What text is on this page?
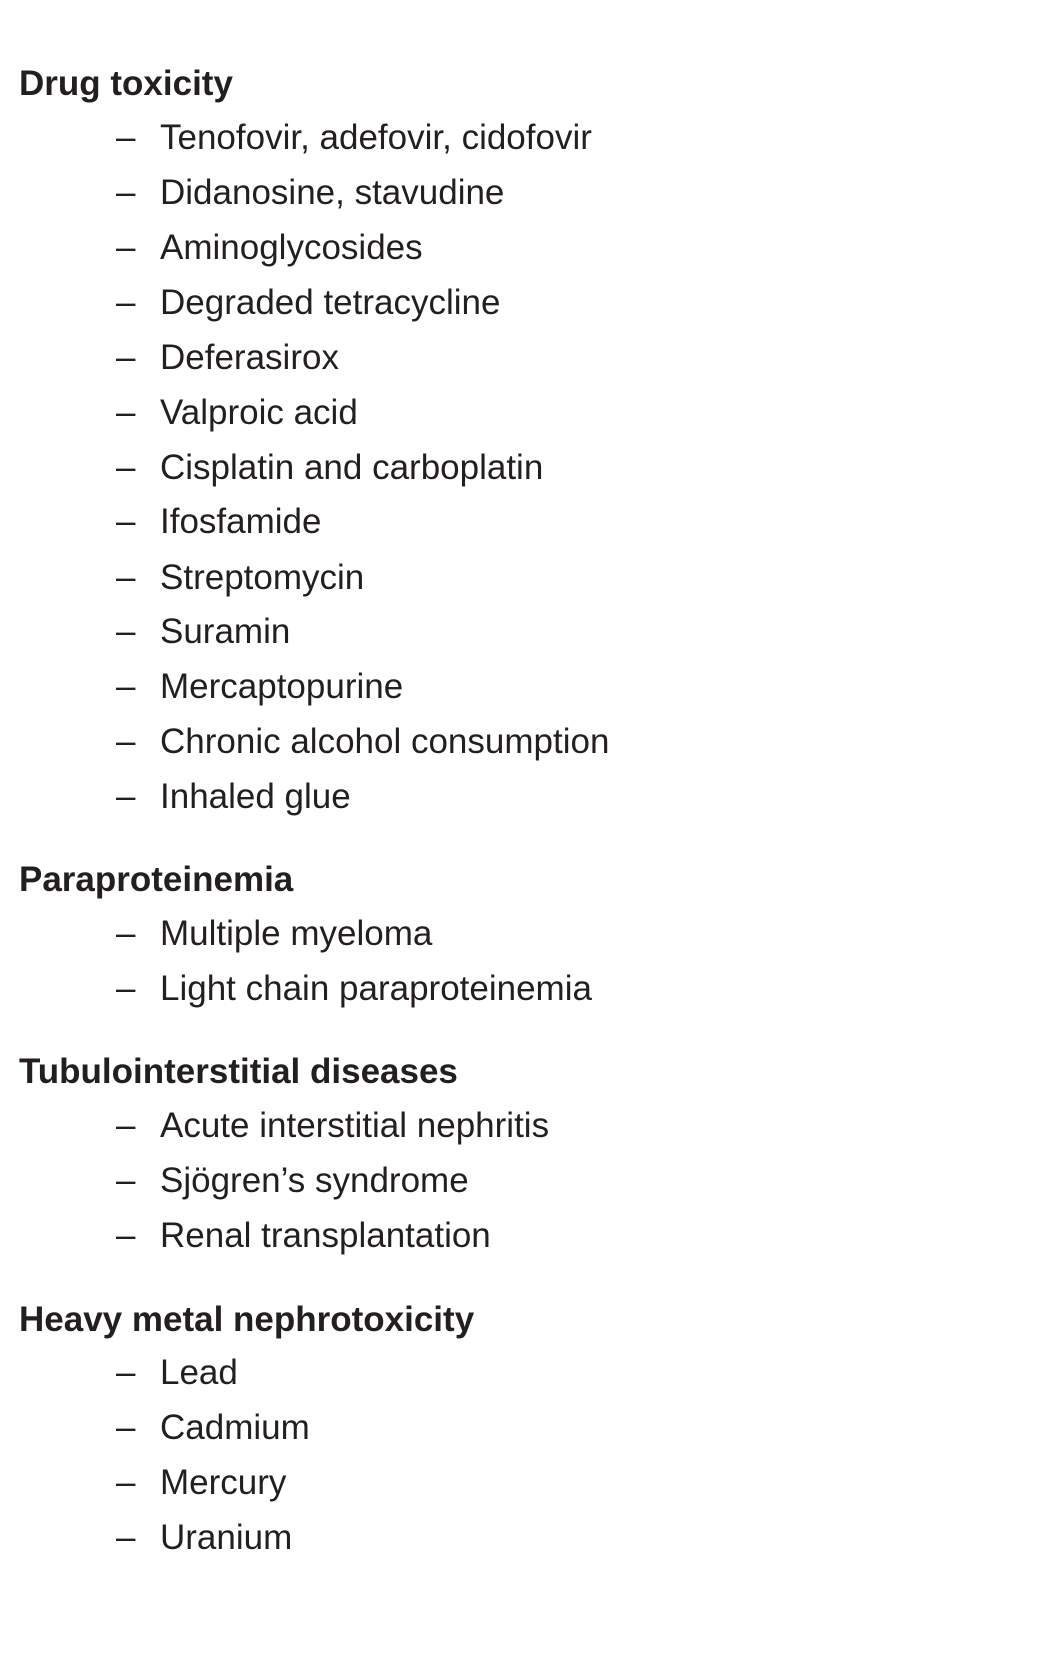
Drug toxicity
– Tenofovir, adefovir, cidofovir
– Didanosine, stavudine
– Aminoglycosides
– Degraded tetracycline
– Deferasirox
– Valproic acid
– Cisplatin and carboplatin
– Ifosfamide
– Streptomycin
– Suramin
– Mercaptopurine
– Chronic alcohol consumption
– Inhaled glue
Paraproteinemia
– Multiple myeloma
– Light chain paraproteinemia
Tubulointerstitial diseases
– Acute interstitial nephritis
– Sjögren’s syndrome
– Renal transplantation
Heavy metal nephrotoxicity
– Lead
– Cadmium
– Mercury
– Uranium
